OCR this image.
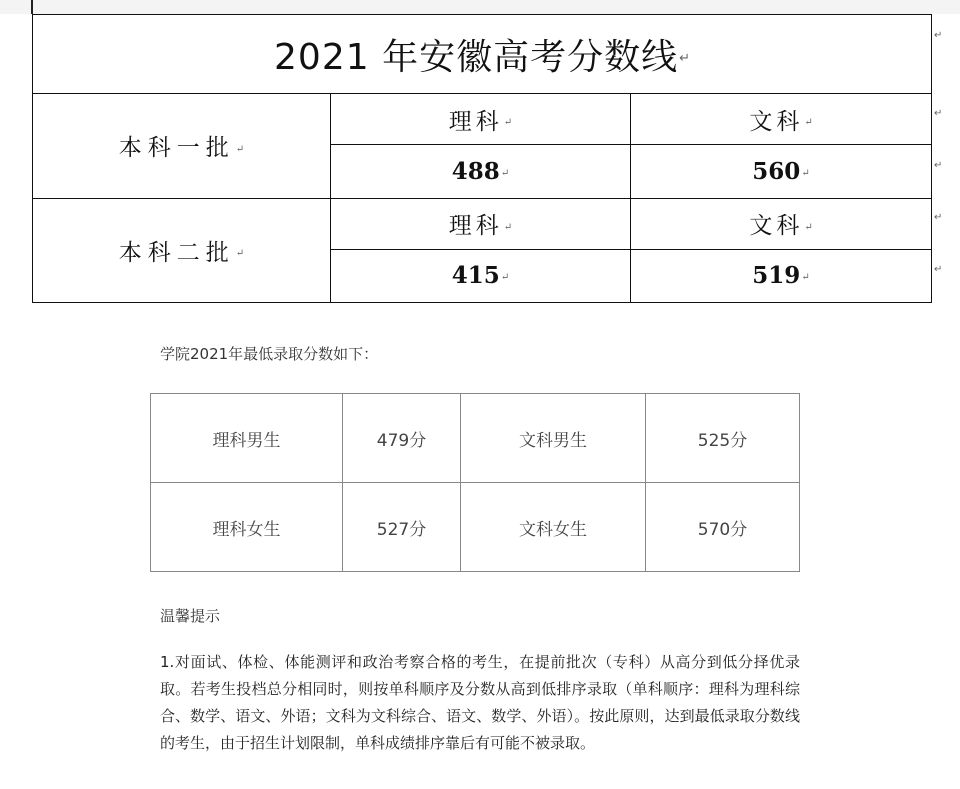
2021 年安徽高考分数线↵		
本科一批↵	理科↵	文科↵
	488↵	560↵
本科二批↵	理科↵	文科↵
	415↵	519↵
↵
↵
↵
↵
↵
学院2021年最低录取分数如下：
理科男生	479分	文科男生	525分
理科女生	527分	文科女生	570分
温馨提示

1.对面试、体检、体能测评和政治考察合格的考生，在提前批次（专科）从高分到低分择优录取。若考生投档总分相同时，则按单科顺序及分数从高到低排序录取（单科顺序：理科为理科综合、数学、语文、外语；文科为文科综合、语文、数学、外语）。按此原则，达到最低录取分数线的考生，由于招生计划限制，单科成绩排序靠后有可能不被录取。
